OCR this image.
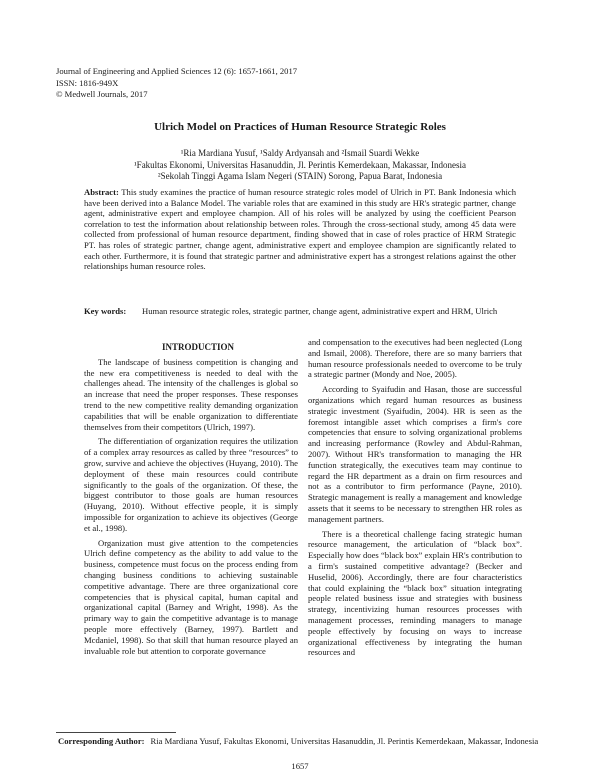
Journal of Engineering and Applied Sciences 12 (6): 1657-1661, 2017
ISSN: 1816-949X
© Medwell Journals, 2017
Ulrich Model on Practices of Human Resource Strategic Roles
¹Ria Mardiana Yusuf, ¹Saldy Ardyansah and ²Ismail Suardi Wekke
¹Fakultas Ekonomi, Universitas Hasanuddin, Jl. Perintis Kemerdekaan, Makassar, Indonesia
²Sekolah Tinggi Agama Islam Negeri (STAIN) Sorong, Papua Barat, Indonesia
Abstract: This study examines the practice of human resource strategic roles model of Ulrich in PT. Bank Indonesia which have been derived into a Balance Model. The variable roles that are examined in this study are HR's strategic partner, change agent, administrative expert and employee champion. All of his roles will be analyzed by using the coefficient Pearson correlation to test the information about relationship between roles. Through the cross-sectional study, among 45 data were collected from professional of human resource department, finding showed that in case of roles practice of HRM Strategic PT. has roles of strategic partner, change agent, administrative expert and employee champion are significantly related to each other. Furthermore, it is found that strategic partner and administrative expert has a strongest relations against the other relationships human resource roles.
Key words:	Human resource strategic roles, strategic partner, change agent, administrative expert and HRM, Ulrich

INTRODUCTION

The landscape of business competition is changing and the new era competitiveness is needed to deal with the challenges ahead. The intensity of the challenges is global so an increase that need the proper responses. These responses trend to the new competitive reality demanding organization capabilities that will be enable organization to differentiate themselves from their competitors (Ulrich, 1997).

The differentiation of organization requires the utilization of a complex array resources as called by three “resources” to grow, survive and achieve the objectives (Huyang, 2010). The deployment of these main resources could contribute significantly to the goals of the organization. Of these, the biggest contributor to those goals are human resources (Huyang, 2010). Without effective people, it is simply impossible for organization to achieve its objectives (George et al., 1998).

Organization must give attention to the competencies Ulrich define competency as the ability to add value to the business, competence must focus on the process ending from changing business conditions to achieving sustainable competitive advantage. There are three organizational core competencies that is physical capital, human capital and organizational capital (Barney and Wright, 1998). As the primary way to gain the competitive advantage is to manage people more effectively (Barney, 1997). Bartlett and Mcdaniel, 1998). So that skill that human resource played an invaluable role but attention to corporate governance

and compensation to the executives had been neglected (Long and Ismail, 2008). Therefore, there are so many barriers that human resource professionals needed to overcome to be truly a strategic partner (Mondy and Noe, 2005).

According to Syaifudin and Hasan, those are successful organizations which regard human resources as business strategic investment (Syaifudin, 2004). HR is seen as the foremost intangible asset which comprises a firm's core competencies that ensure to solving organizational problems and increasing performance (Rowley and Abdul-Rahman, 2007). Without HR's transformation to managing the HR function strategically, the executives team may continue to regard the HR department as a drain on firm resources and not as a contributor to firm performance (Payne, 2010). Strategic management is really a management and knowledge assets that it seems to be necessary to strengthen HR roles as management partners.

There is a theoretical challenge facing strategic human resource management, the articulation of “black box”. Especially how does “black box” explain HR's contribution to a firm's sustained competitive advantage? (Becker and Huselid, 2006). Accordingly, there are four characteristics that could explaining the “black box” situation integrating people related business issue and strategies with business strategy, incentivizing human resources processes with management processes, reminding managers to manage people effectively by focusing on ways to increase organizational effectiveness by integrating the human resources and

Corresponding Author: Ria Mardiana Yusuf, Fakultas Ekonomi, Universitas Hasanuddin, Jl. Perintis Kemerdekaan, Makassar, Indonesia
1657
